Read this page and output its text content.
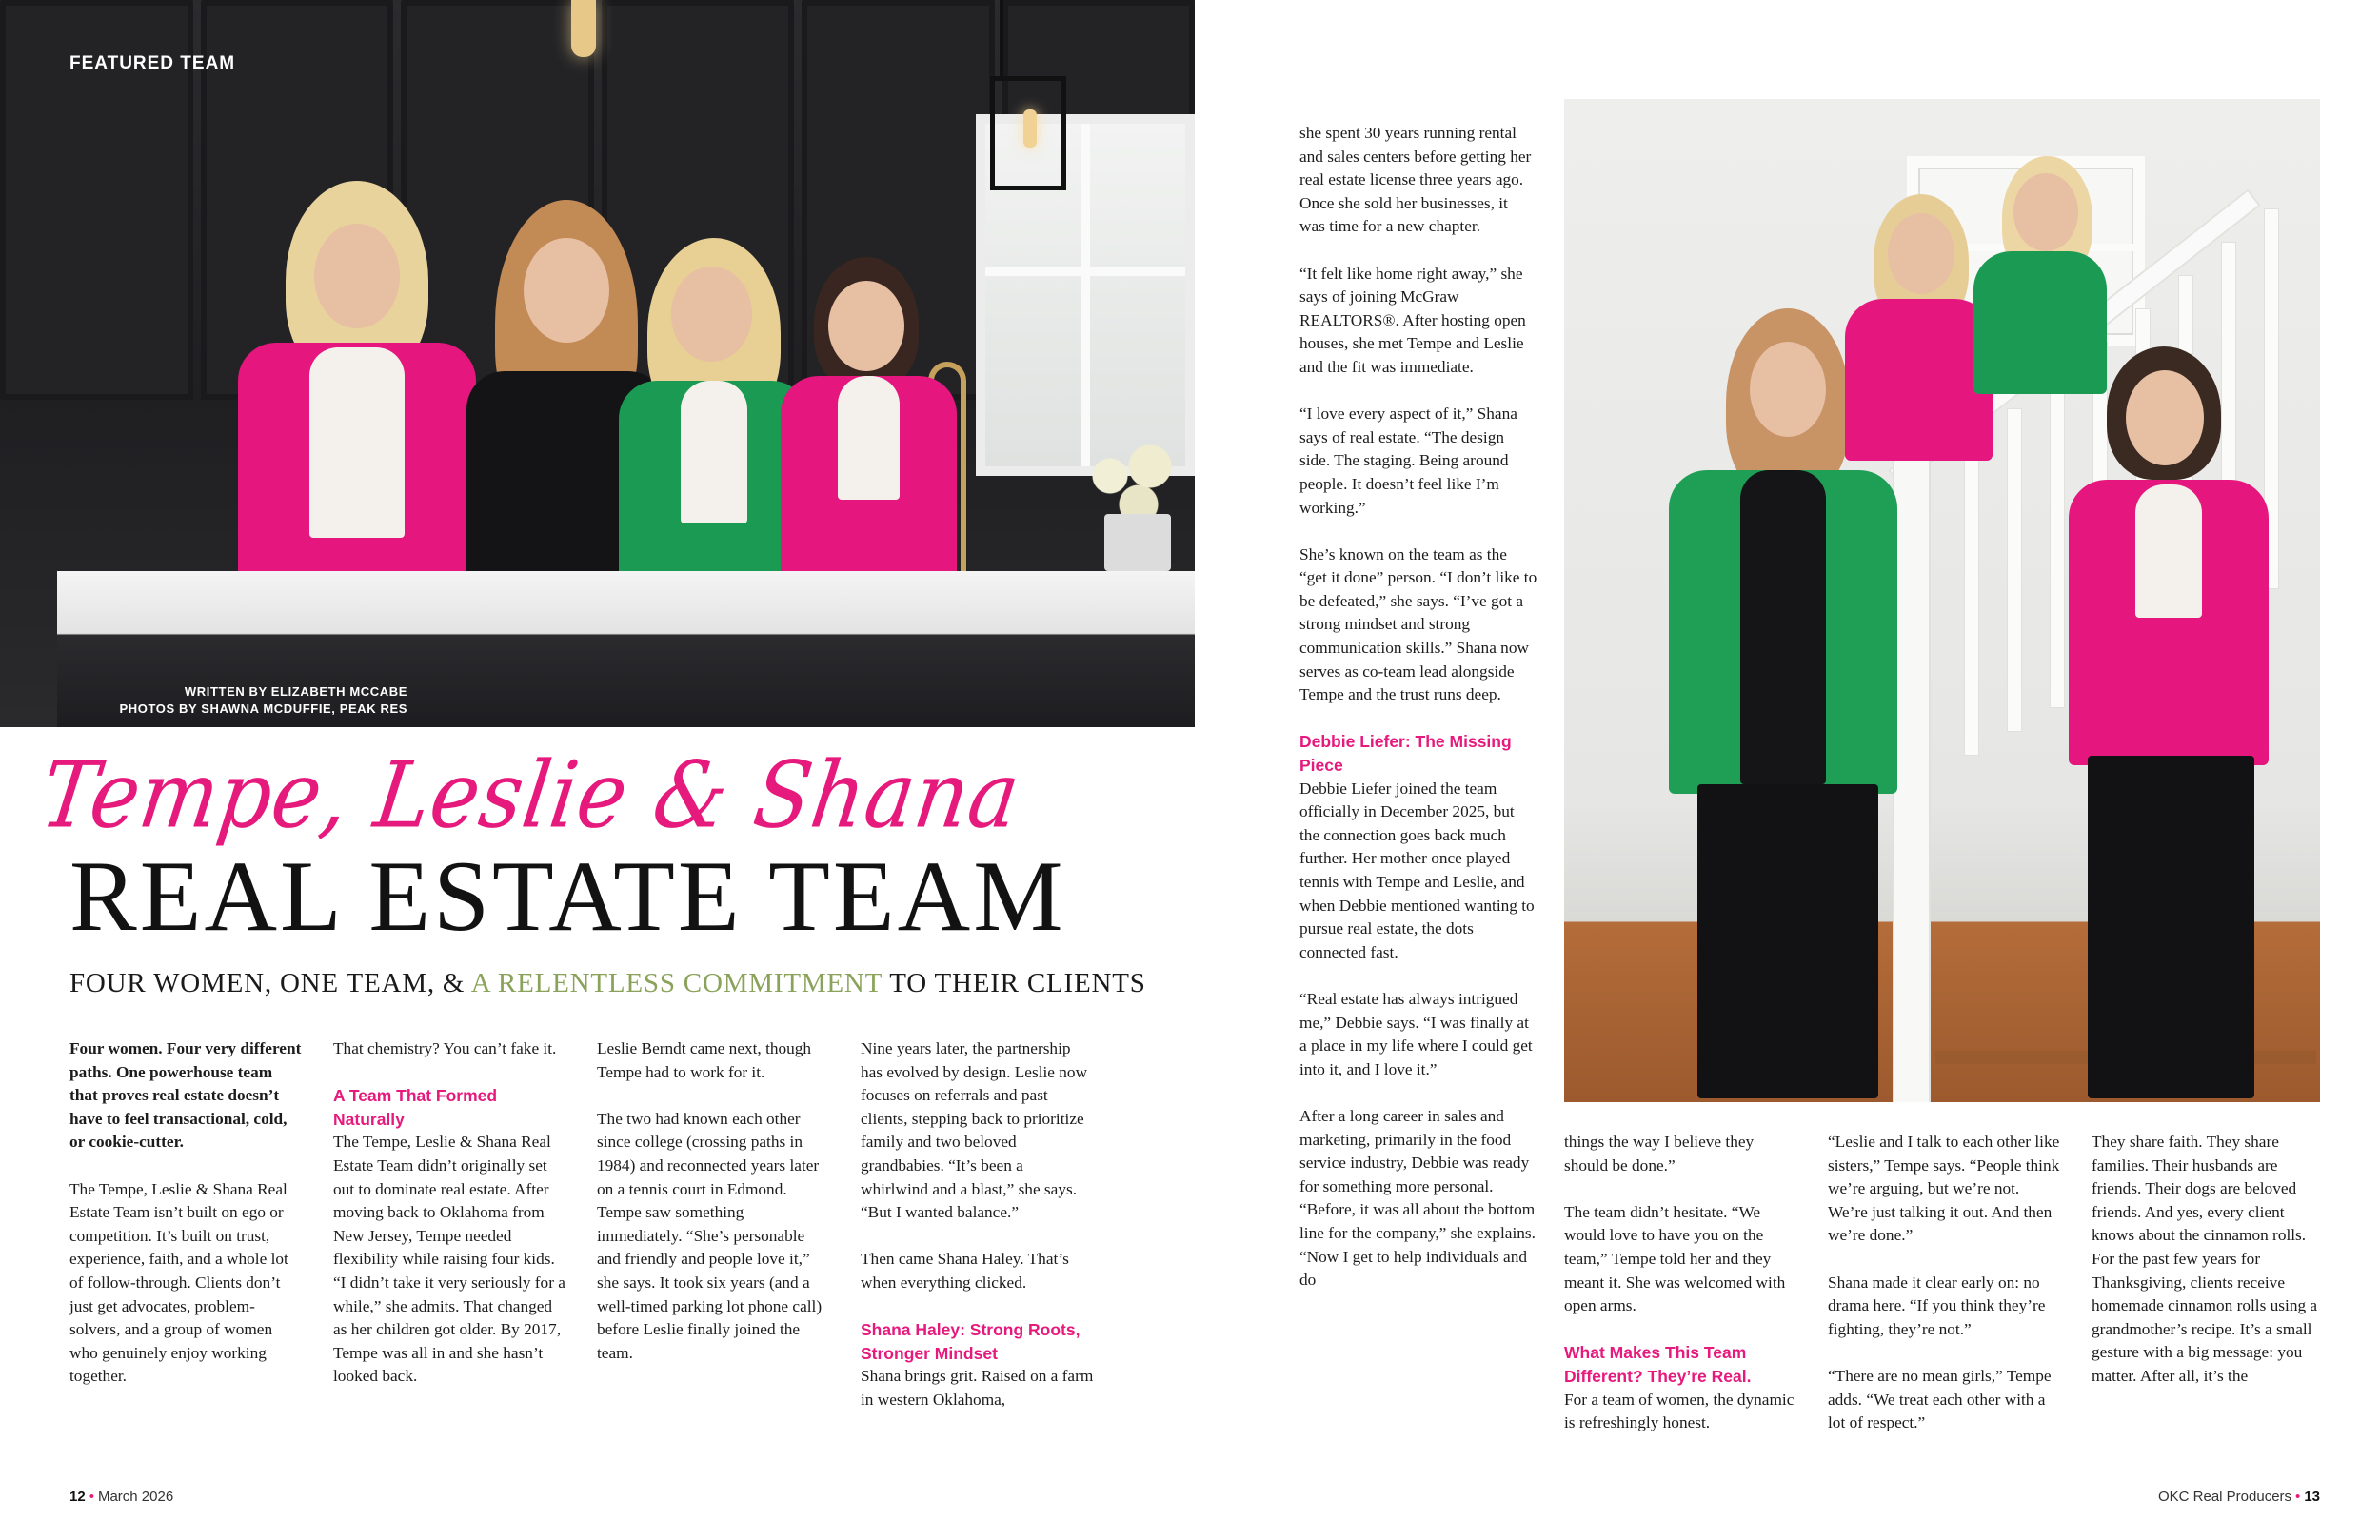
FEATURED TEAM
WRITTEN BY ELIZABETH MCCABE
PHOTOS BY SHAWNA MCDUFFIE, PEAK RES
Tempe, Leslie & Shana
REAL ESTATE TEAM
FOUR WOMEN, ONE TEAM, & A RELENTLESS COMMITMENT TO THEIR CLIENTS

Four women. Four very different paths. One powerhouse team that proves real estate doesn’t have to feel transactional, cold, or cookie-cutter.

The Tempe, Leslie & Shana Real Estate Team isn’t built on ego or competition. It’s built on trust, experience, faith, and a whole lot of follow-through. Clients don’t just get advocates, problem-solvers, and a group of women who genuinely enjoy working together.

That chemistry? You can’t fake it.

A Team That Formed Naturally

The Tempe, Leslie & Shana Real Estate Team didn’t originally set out to dominate real estate. After moving back to Oklahoma from New Jersey, Tempe needed flexibility while raising four kids. “I didn’t take it very seriously for a while,” she admits. That changed as her children got older. By 2017, Tempe was all in and she hasn’t looked back.

Leslie Berndt came next, though Tempe had to work for it.

The two had known each other since college (crossing paths in 1984) and reconnected years later on a tennis court in Edmond. Tempe saw something immediately. “She’s personable and friendly and people love it,” she says. It took six years (and a well-timed parking lot phone call) before Leslie finally joined the team.

Nine years later, the partnership has evolved by design. Leslie now focuses on referrals and past clients, stepping back to prioritize family and two beloved grandbabies. “It’s been a whirlwind and a blast,” she says. “But I wanted balance.”

Then came Shana Haley. That’s when everything clicked.

Shana Haley: Strong Roots, Stronger Mindset

Shana brings grit. Raised on a farm in western Oklahoma,

she spent 30 years running rental and sales centers before getting her real estate license three years ago. Once she sold her businesses, it was time for a new chapter.

“It felt like home right away,” she says of joining McGraw REALTORS®. After hosting open houses, she met Tempe and Leslie and the fit was immediate.

“I love every aspect of it,” Shana says of real estate. “The design side. The staging. Being around people. It doesn’t feel like I’m working.”

She’s known on the team as the “get it done” person. “I don’t like to be defeated,” she says. “I’ve got a strong mindset and strong communication skills.” Shana now serves as co-team lead alongside Tempe and the trust runs deep.

Debbie Liefer: The Missing Piece

Debbie Liefer joined the team officially in December 2025, but the connection goes back much further. Her mother once played tennis with Tempe and Leslie, and when Debbie mentioned wanting to pursue real estate, the dots connected fast.

“Real estate has always intrigued me,” Debbie says. “I was finally at a place in my life where I could get into it, and I love it.”

After a long career in sales and marketing, primarily in the food service industry, Debbie was ready for something more personal. “Before, it was all about the bottom line for the company,” she explains. “Now I get to help individuals and do

things the way I believe they should be done.”

The team didn’t hesitate. “We would love to have you on the team,” Tempe told her and they meant it. She was welcomed with open arms.

What Makes This Team Different? They’re Real.

For a team of women, the dynamic is refreshingly honest.

“Leslie and I talk to each other like sisters,” Tempe says. “People think we’re arguing, but we’re not. We’re just talking it out. And then we’re done.”

Shana made it clear early on: no drama here. “If you think they’re fighting, they’re not.”

“There are no mean girls,” Tempe adds. “We treat each other with a lot of respect.”

They share faith. They share families. Their husbands are friends. Their dogs are beloved friends. And yes, every client knows about the cinnamon rolls. For the past few years for Thanksgiving, clients receive homemade cinnamon rolls using a grandmother’s recipe. It’s a small gesture with a big message: you matter. After all, it’s the

12 • March 2026	OKC Real Producers • 13
